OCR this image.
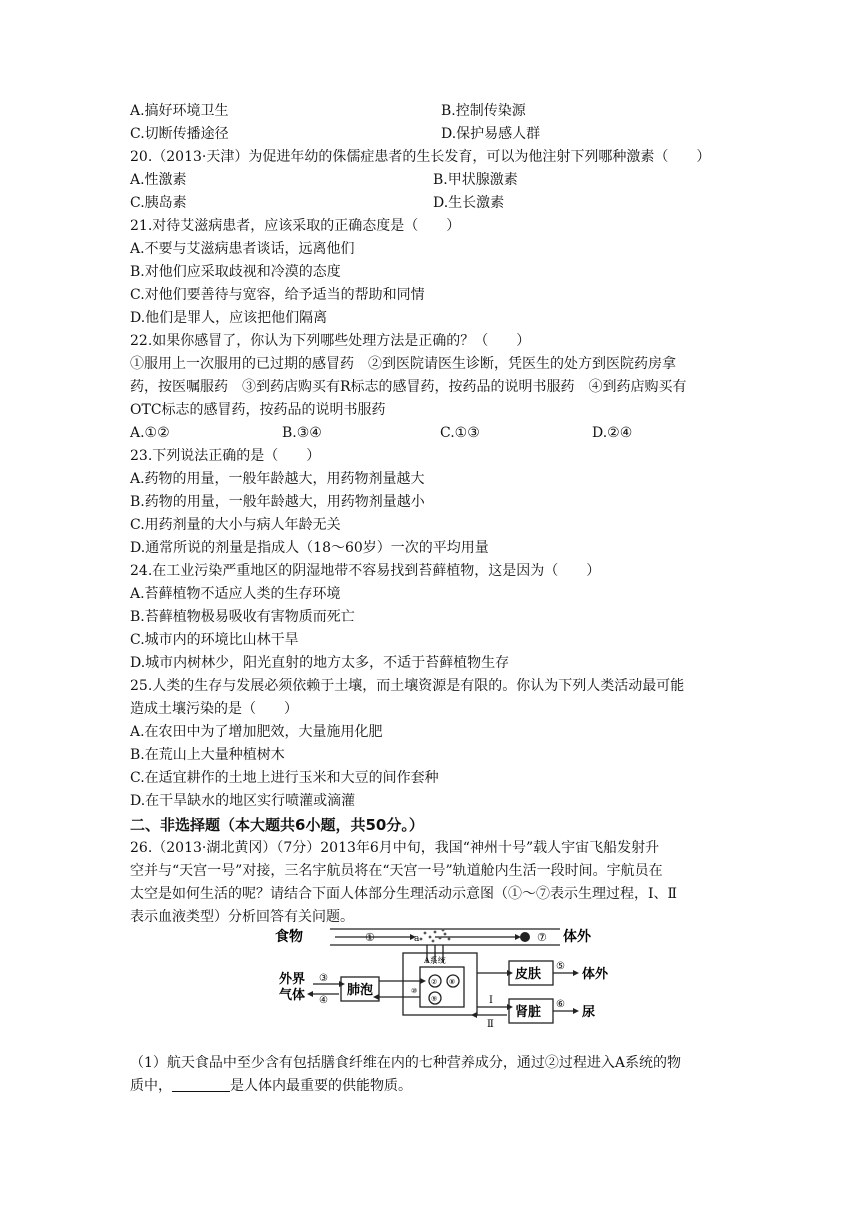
A.搞好环境卫生	B.控制传染源
C.切断传播途径	D.保护易感人群
20.（2013·天津）为促进年幼的侏儒症患者的生长发育，可以为他注射下列哪种激素（　　）
A.性激素	B.甲状腺激素
C.胰岛素	D.生长激素
21.对待艾滋病患者，应该采取的正确态度是（　　）
A.不要与艾滋病患者谈话，远离他们
B.对他们应采取歧视和冷漠的态度
C.对他们要善待与宽容，给予适当的帮助和同情
D.他们是罪人，应该把他们隔离
22.如果你感冒了，你认为下列哪些处理方法是正确的？（　　）
①服用上一次服用的已过期的感冒药　②到医院请医生诊断，凭医生的处方到医院药房拿
药，按医嘱服药　③到药店购买有R标志的感冒药，按药品的说明书服药　④到药店购买有
OTC标志的感冒药，按药品的说明书服药
A.①②	B.③④	C.①③	D.②④
23.下列说法正确的是（　　）
A.药物的用量，一般年龄越大，用药物剂量越大
B.药物的用量，一般年龄越大，用药物剂量越小
C.用药剂量的大小与病人年龄无关
D.通常所说的剂量是指成人（18～60岁）一次的平均用量
24.在工业污染严重地区的阴湿地带不容易找到苔藓植物，这是因为（　　）
A.苔藓植物不适应人类的生存环境
B.苔藓植物极易吸收有害物质而死亡
C.城市内的环境比山林干旱
D.城市内树林少，阳光直射的地方太多，不适于苔藓植物生存
25.人类的生存与发展必须依赖于土壤，而土壤资源是有限的。你认为下列人类活动最可能
造成土壤污染的是（　　）
A.在农田中为了增加肥效，大量施用化肥
B.在荒山上大量种植树木
C.在适宜耕作的土地上进行玉米和大豆的间作套种
D.在干旱缺水的地区实行喷灌或滴灌
二、非选择题（本大题共6小题，共50分。）
26.（2013·湖北黄冈）（7分）2013年6月中旬，我国“神州十号”载人宇宙飞船发射升
空并与“天宫一号”对接，三名宇航员将在“天宫一号”轨道舱内生活一段时间。宇航员在
太空是如何生活的呢？请结合下面人体部分生理活动示意图（①～⑦表示生理过程，Ⅰ、Ⅱ
表示血液类型）分析回答有关问题。
食物	体外
①	⑦
a
A系统
外界
气体
③
④
肺泡
皮肤
⑤
体外
肾脏
⑥
尿
Ⅰ
Ⅱ
② ⑧
⑨
⑩
（1）航天食品中至少含有包括膳食纤维在内的七种营养成分，通过②过程进入A系统的物
质中，	是人体内最重要的供能物质。
